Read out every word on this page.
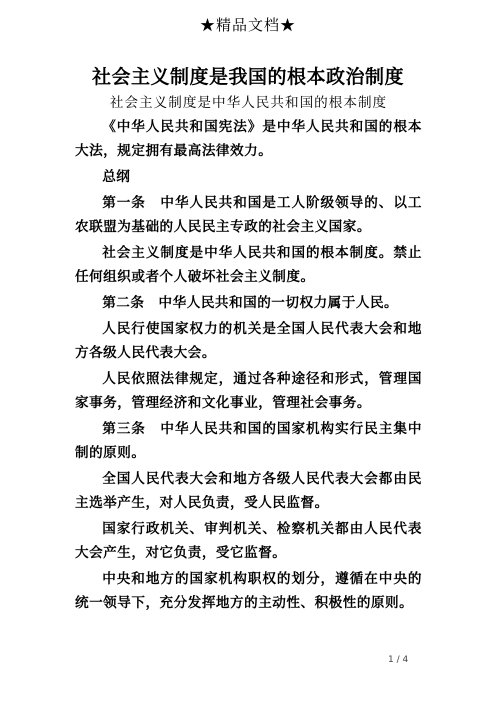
★精品文档★
社会主义制度是我国的根本政治制度

社会主义制度是中华人民共和国的根本制度

《中华人民共和国宪法》是中华人民共和国的根本大法，规定拥有最高法律效力。

总纲

第一条　中华人民共和国是工人阶级领导的、以工农联盟为基础的人民民主专政的社会主义国家。

社会主义制度是中华人民共和国的根本制度。禁止任何组织或者个人破坏社会主义制度。

第二条　中华人民共和国的一切权力属于人民。

人民行使国家权力的机关是全国人民代表大会和地方各级人民代表大会。

人民依照法律规定，通过各种途径和形式，管理国家事务，管理经济和文化事业，管理社会事务。

第三条　中华人民共和国的国家机构实行民主集中制的原则。

全国人民代表大会和地方各级人民代表大会都由民主选举产生，对人民负责，受人民监督。

国家行政机关、审判机关、检察机关都由人民代表大会产生，对它负责，受它监督。

中央和地方的国家机构职权的划分，遵循在中央的统一领导下，充分发挥地方的主动性、积极性的原则。

1 / 4
